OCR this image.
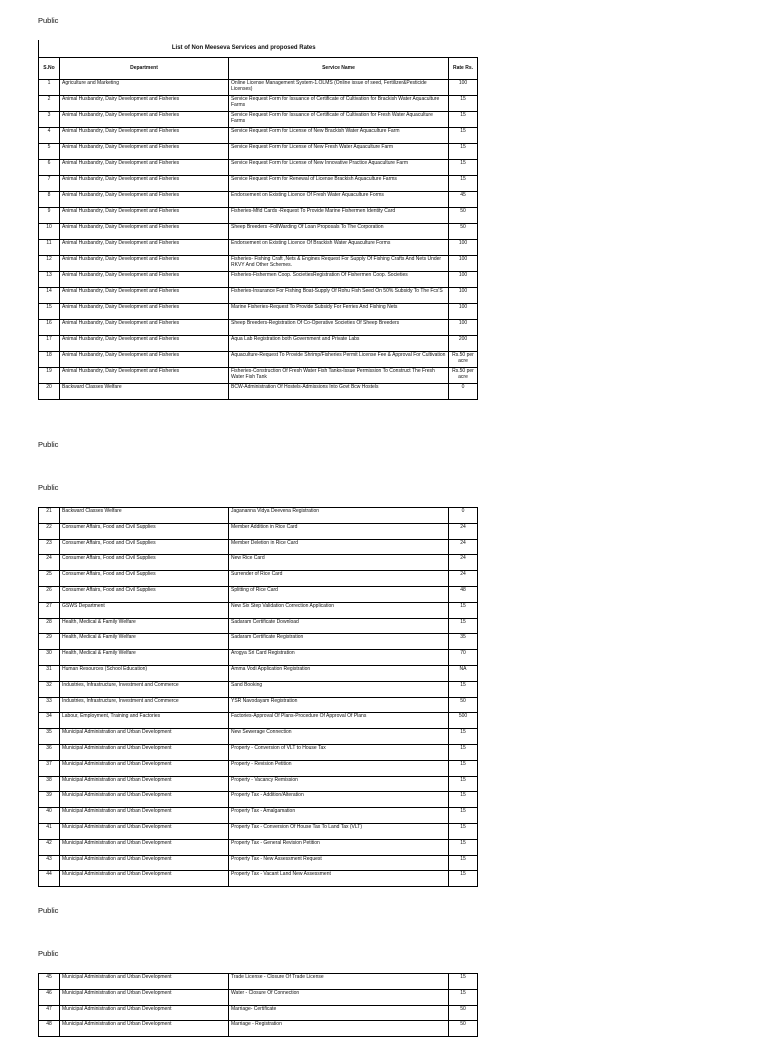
Public
List of Non Meeseva Services and proposed Rates			
S.No	Department	Service Name	Rate Rs.
1	Agriculture and Marketing	Online License Management System-1.OLMS (Online issue of seed, Fertilizer&Pesticide Licenses)	100
2	Animal Husbandry, Dairy Development and Fisheries	Service Request Form for Issuance of Certificate of Cultivation for Brackish Water Aquaculture Farms	15
3	Animal Husbandry, Dairy Development and Fisheries	Service Request Form for Issuance of Certificate of Cultivation for Fresh Water Aquaculture Farms	15
4	Animal Husbandry, Dairy Development and Fisheries	Service Request Form for License of New Brackish Water Aquaculture Farm	15
5	Animal Husbandry, Dairy Development and Fisheries	Service Request Form for License of New Fresh Water Aquaculture Farm	15
6	Animal Husbandry, Dairy Development and Fisheries	Service Request Form for License of New Innovative Practice Aquaculture Farm	15
7	Animal Husbandry, Dairy Development and Fisheries	Service Request Form for Renewal of License Brackish Aquaculture Farms	15
8	Animal Husbandry, Dairy Development and Fisheries	Endorsement on Existing Licence Of Fresh Water Aquaculture Forms	45
9	Animal Husbandry, Dairy Development and Fisheries	Fisheries-Mfid Cards -Request To Provide Marine Fishermen Identity Card	50
10	Animal Husbandry, Dairy Development and Fisheries	Sheep Breeders -FollWarding Of Loan Proposals To The Corporation	50
11	Animal Husbandry, Dairy Development and Fisheries	Endorsement on Existing Licence Of Brackish Water Aquaculture Forms	100
12	Animal Husbandry, Dairy Development and Fisheries	Fisheries- Fishing Craft ,Nets & Engines Request For Supply Of Fishing Crafts And Nets Under RKVY And Other Schemes.	100
13	Animal Husbandry, Dairy Development and Fisheries	Fisheries-Fishermen Coop. SocietiesRegistration Of Fishermen Coop. Societies	100
14	Animal Husbandry, Dairy Development and Fisheries	Fisheries-Insurance For Fishing Boat-Supply Of Rohu Fish Seed On 50% Subsidy To The Fcs'S	100
15	Animal Husbandry, Dairy Development and Fisheries	Marine Fisheries-Request To Provide Subsidy For Ferries And Fishing Nets	100
16	Animal Husbandry, Dairy Development and Fisheries	Sheep Breeders-Registration Of Co-Operative Societies Of Sheep Breeders	100
17	Animal Husbandry, Dairy Development and Fisheries	Aqua Lab Registration both Government and Private Labs	200
18	Animal Husbandry, Dairy Development and Fisheries	Aquaculture-Request To Provide Shrimp/Fisheries Permit License Fee & Approval For Cultivation	Rs.50 per acre
19	Animal Husbandry, Dairy Development and Fisheries	Fisheries-Construction Of Fresh Water Fish Tanks-Issue Permission To Construct The Fresh Water Fish Tank	Rs.50 per acre
20	Backward Classes Welfare	BCW-Administration Of Hostels-Admissions Into Govt Bcw Hostels	0
Public
Public
21	Backward Classes Welfare	Jagananna Vidya Deevena Registration	0
22	Consumer Affairs, Food and Civil Supplies	Member Addition in Rice Card	24
23	Consumer Affairs, Food and Civil Supplies	Member Deletion in Rice Card	24
24	Consumer Affairs, Food and Civil Supplies	New Rice Card	24
25	Consumer Affairs, Food and Civil Supplies	Surrender of Rice Card	24
26	Consumer Affairs, Food and Civil Supplies	Splitting of Rice Card	48
27	GSWS Department	New Six Step Validation Correction Application	15
28	Health, Medical & Family Welfare	Sadaram Certificate Download	15
29	Health, Medical & Family Welfare	Sadaram Certificate Registration	35
30	Health, Medical & Family Welfare	Arogya Sri Card Registration	70
31	Human Resources (School Education)	Amma Vodi Application Registration	NA
32	Industries, Infrastructure, Investment and Commerce	Sand Booking	15
33	Industries, Infrastructure, Investment and Commerce	YSR Navodayam Registration	50
34	Labour, Employment, Training and Factories	Factories-Approval Of Plans-Procedure Of Approval Of Plans	500
35	Municipal Administration and Urban Development	New Sewerage Connection	15
36	Municipal Administration and Urban Development	Property - Conversion of VLT to House Tax	15
37	Municipal Administration and Urban Development	Property - Revision Petition	15
38	Municipal Administration and Urban Development	Property - Vacancy Remission	15
39	Municipal Administration and Urban Development	Property Tax - Addition/Alteration	15
40	Municipal Administration and Urban Development	Property Tax - Amalgamation	15
41	Municipal Administration and Urban Development	Property Tax - Conversion Of House Tax To Land Tax (VLT)	15
42	Municipal Administration and Urban Development	Property Tax - General Revision Petition	15
43	Municipal Administration and Urban Development	Property Tax - New Assessment Request	15
44	Municipal Administration and Urban Development	Property Tax - Vacant Land New Assessment	15
Public
Public
45	Municipal Administration and Urban Development	Trade License - Closure Of Trade License	15
46	Municipal Administration and Urban Development	Water - Closure Of Connection	15
47	Municipal Administration and Urban Development	Marriage- Certificate	50
48	Municipal Administration and Urban Development	Marriage - Registration	50
